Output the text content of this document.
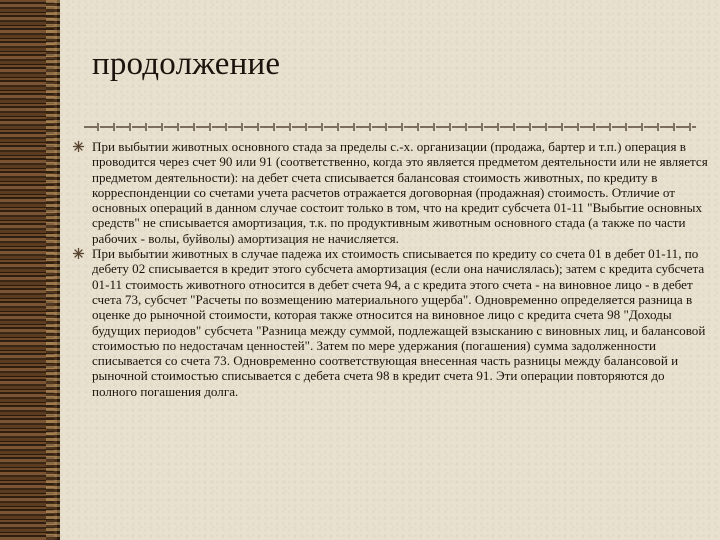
продолжение
При выбытии животных основного стада за пределы с.-х. организации (продажа, бартер и т.п.) операция в проводится через счет 90 или 91 (соответственно, когда это является предметом деятельности или не является предметом деятельности): на дебет счета списывается балансовая стоимость животных, по кредиту в корреспонденции со счетами учета расчетов отражается договорная (продажная) стоимость. Отличие от основных операций в данном случае состоит только в том, что на кредит субсчета 01-11 "Выбытие основных средств" не списывается амортизация, т.к. по продуктивным животным основного стада (а также по части рабочих - волы, буйволы) амортизация не начисляется.
При выбытии животных в случае падежа их стоимость списывается по кредиту со счета 01 в дебет 01-11, по дебету 02 списывается в кредит этого субсчета амортизация (если она начислялась); затем с кредита субсчета 01-11 стоимость животного относится в дебет счета 94, а с кредита этого счета - на виновное лицо - в дебет счета 73, субсчет "Расчеты по возмещению материального ущерба". Одновременно определяется разница в оценке до рыночной стоимости, которая также относится на виновное лицо с кредита счета 98 "Доходы будущих периодов" субсчета "Разница между суммой, подлежащей взысканию с виновных лиц, и балансовой стоимостью по недостачам ценностей". Затем по мере удержания (погашения) сумма задолженности списывается со счета 73. Одновременно соответствующая внесенная часть разницы между балансовой и рыночной стоимостью списывается с дебета счета 98 в кредит счета 91. Эти операции повторяются до полного погашения долга.
